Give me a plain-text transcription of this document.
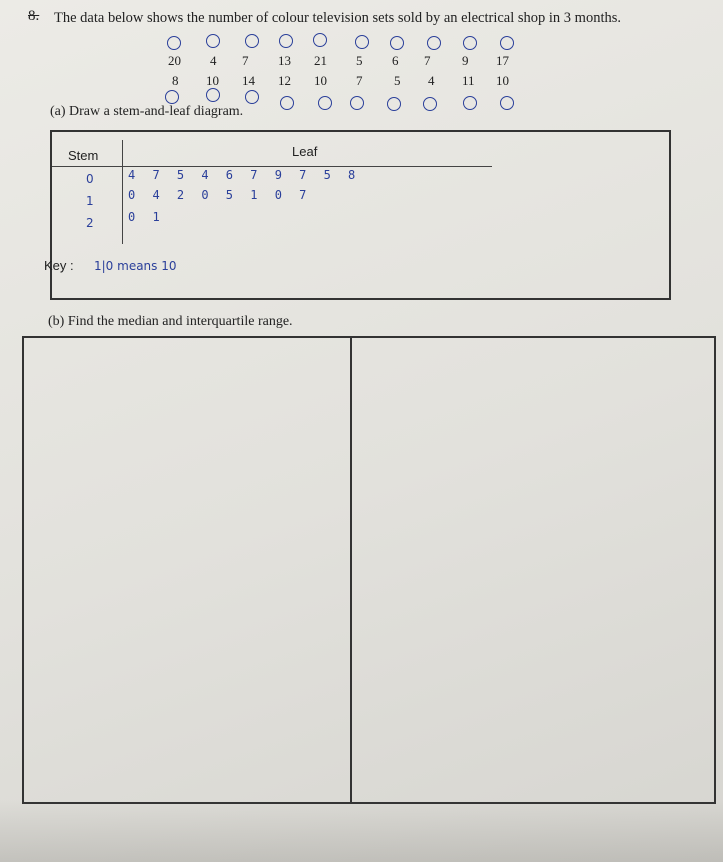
8. The data below shows the number of colour television sets sold by an electrical shop in 3 months.
20 4 7 13 21 5 6 7 9 17
8 10 14 12 10 7 5 4 11 10
(a) Draw a stem-and-leaf diagram.
Stem	Leaf
0	4 7 5 4 6 7 9 7 5 8
1	0 4 2 0 5 1 0 7
2	0 1
Key : 1|0 means 10
(b) Find the median and interquartile range.
